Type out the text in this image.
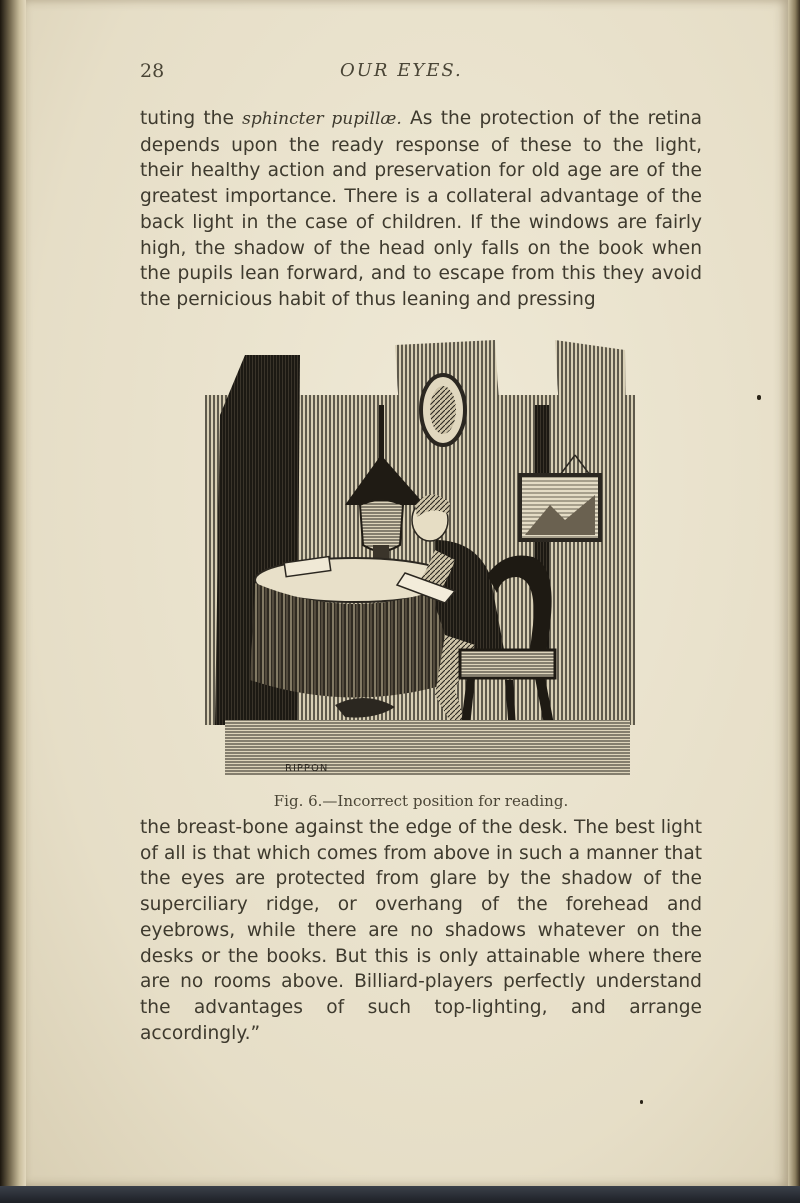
28	OUR EYES.

tuting the sphincter pupillæ. As the protection of the retina depends upon the ready response of these to the light, their healthy action and preservation for old age are of the greatest importance. There is a collateral advantage of the back light in the case of children. If the windows are fairly high, the shadow of the head only falls on the book when the pupils lean forward, and to escape from this they avoid the pernicious habit of thus leaning and pressing

RIPPON
Fig. 6.—Incorrect position for reading.

the breast-bone against the edge of the desk. The best light of all is that which comes from above in such a manner that the eyes are protected from glare by the shadow of the superciliary ridge, or overhang of the forehead and eyebrows, while there are no shadows whatever on the desks or the books. But this is only attainable where there are no rooms above. Billiard-players perfectly understand the advantages of such top-lighting, and arrange accordingly.”
